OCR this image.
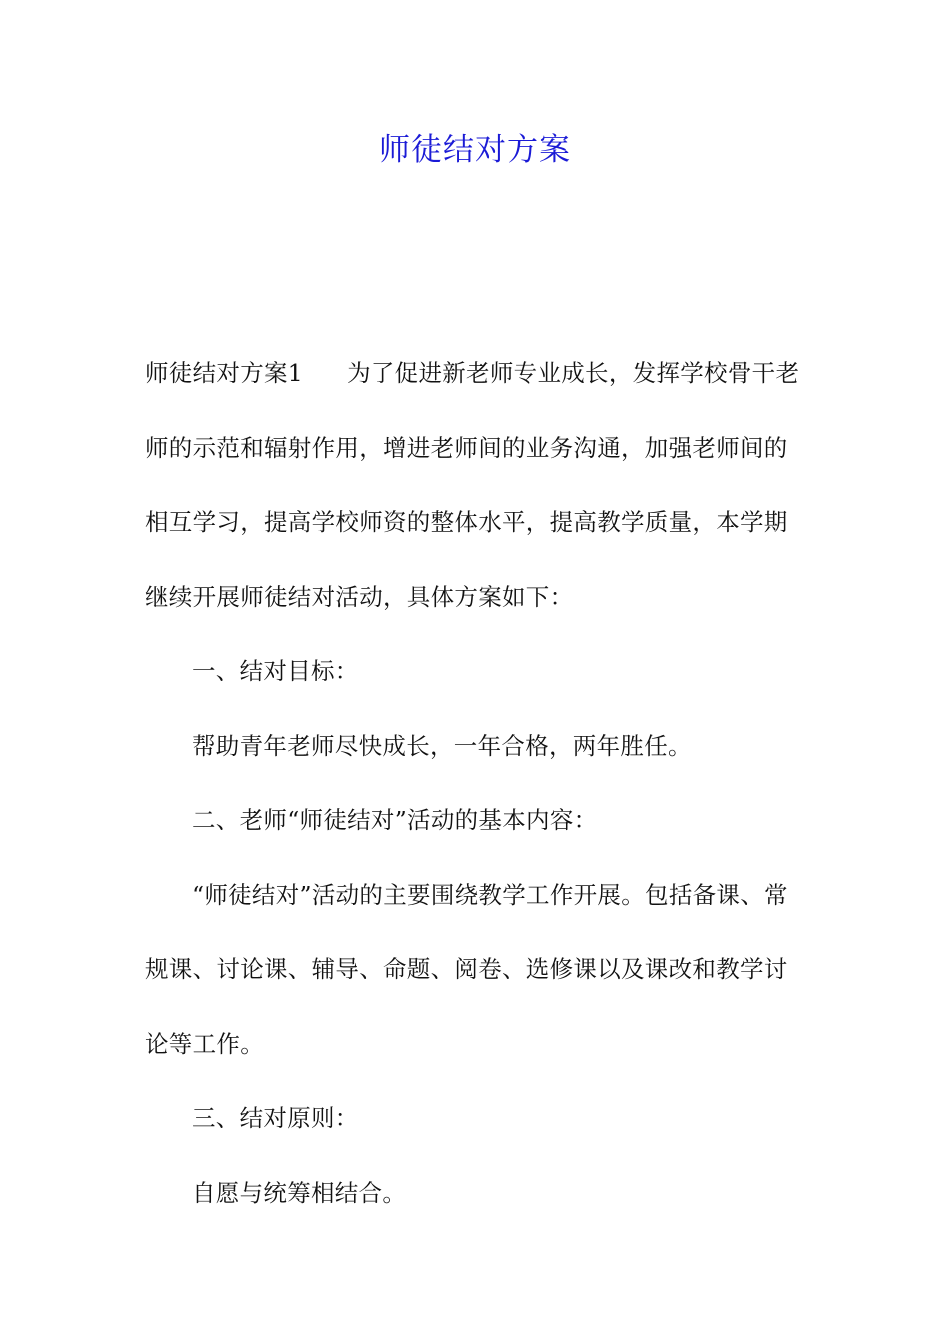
师徒结对方案

师徒结对方案1 为了促进新老师专业成长，发挥学校骨干老师的示范和辐射作用，增进老师间的业务沟通，加强老师间的相互学习，提高学校师资的整体水平，提高教学质量，本学期继续开展师徒结对活动，具体方案如下：

一、结对目标：

帮助青年老师尽快成长，一年合格，两年胜任。

二、老师“师徒结对”活动的基本内容：

“师徒结对”活动的主要围绕教学工作开展。包括备课、常规课、讨论课、辅导、命题、阅卷、选修课以及课改和教学讨论等工作。

三、结对原则：

自愿与统筹相结合。
